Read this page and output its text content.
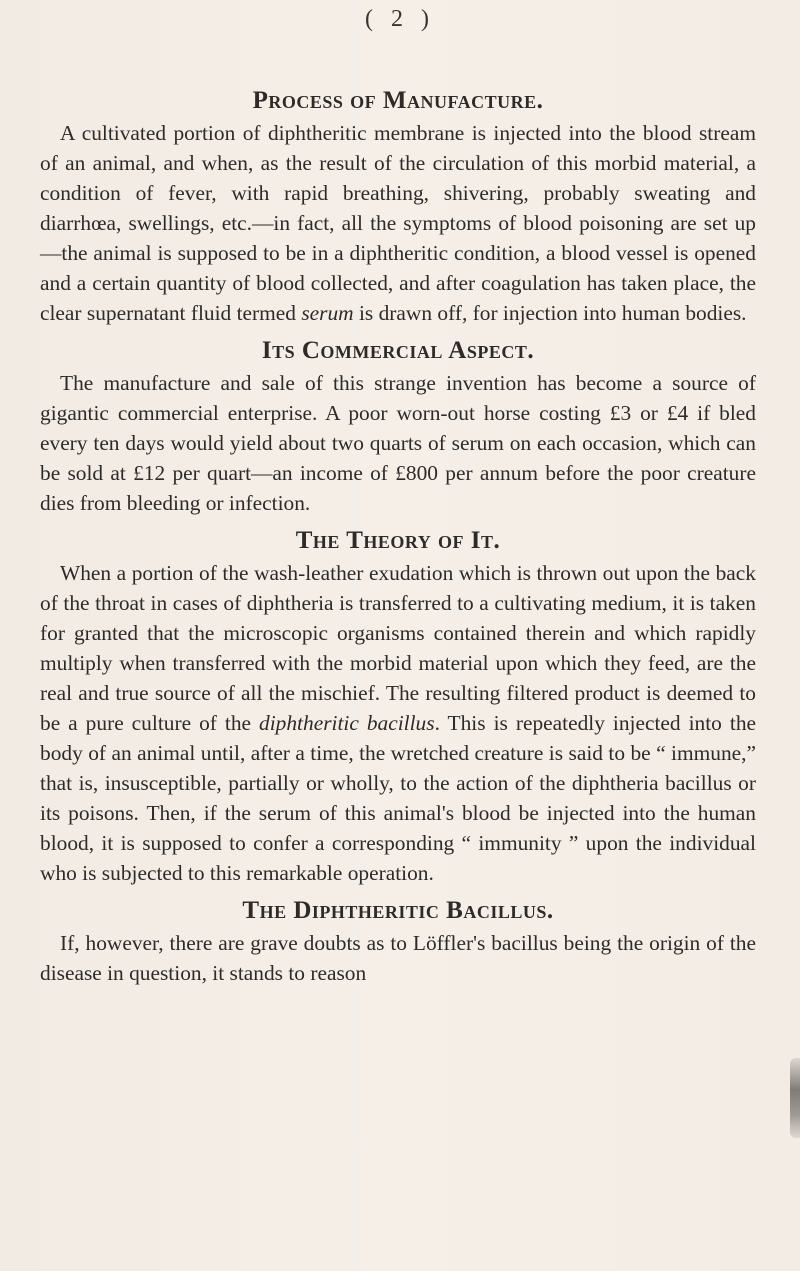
( 2 )
Process of Manufacture.

A cultivated portion of diphtheritic membrane is injected into the blood stream of an animal, and when, as the result of the circulation of this morbid material, a condition of fever, with rapid breathing, shivering, probably sweating and diarrhœa, swellings, etc.—in fact, all the symptoms of blood poisoning are set up—the animal is supposed to be in a diphtheritic condition, a blood vessel is opened and a certain quantity of blood collected, and after coagulation has taken place, the clear supernatant fluid termed serum is drawn off, for injection into human bodies.

Its Commercial Aspect.

The manufacture and sale of this strange invention has become a source of gigantic commercial enterprise. A poor worn-out horse costing £3 or £4 if bled every ten days would yield about two quarts of serum on each occasion, which can be sold at £12 per quart—an income of £800 per annum before the poor creature dies from bleeding or infection.

The Theory of It.

When a portion of the wash-leather exudation which is thrown out upon the back of the throat in cases of diphtheria is transferred to a cultivating medium, it is taken for granted that the microscopic organisms contained therein and which rapidly multiply when transferred with the morbid material upon which they feed, are the real and true source of all the mischief. The resulting filtered product is deemed to be a pure culture of the diphtheritic bacillus. This is repeatedly injected into the body of an animal until, after a time, the wretched creature is said to be “ immune,” that is, insusceptible, partially or wholly, to the action of the diphtheria bacillus or its poisons. Then, if the serum of this animal's blood be injected into the human blood, it is supposed to confer a corresponding “ immunity ” upon the individual who is subjected to this remarkable operation.

The Diphtheritic Bacillus.

If, however, there are grave doubts as to Löffler's bacillus being the origin of the disease in question, it stands to reason
